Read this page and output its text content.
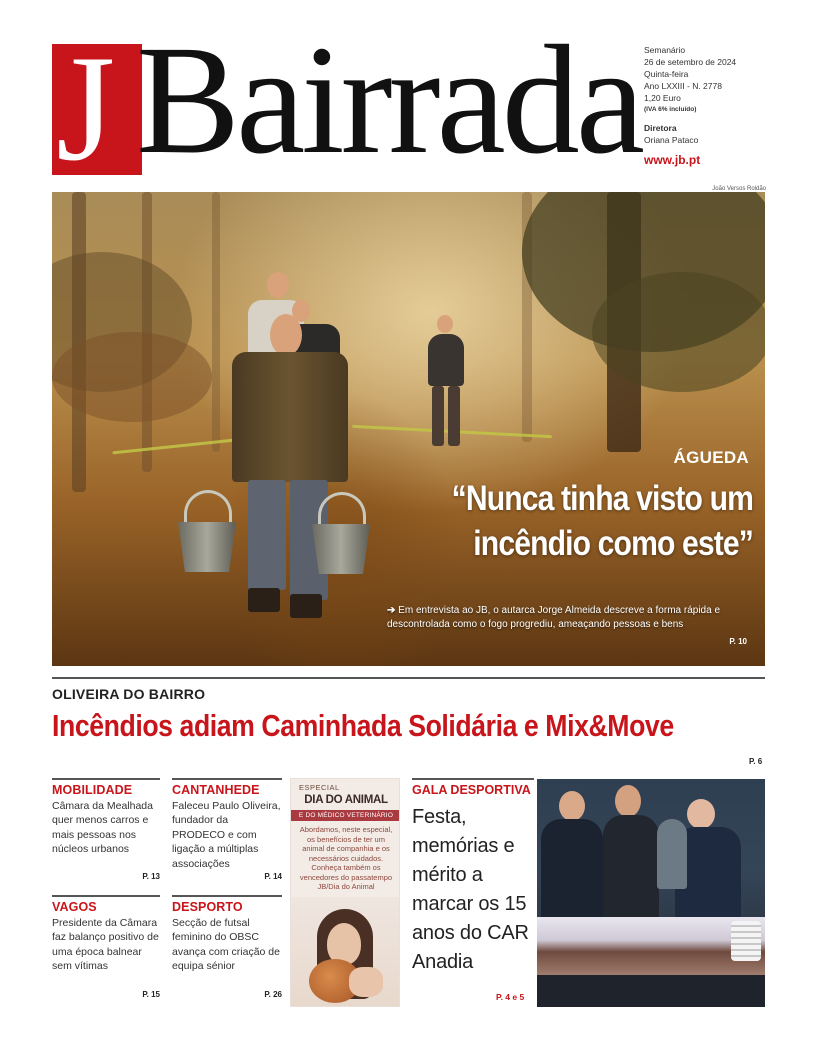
J Bairrada Semanário
26 de setembro de 2024
Quinta-feira
Ano LXXIII - N. 2778
1,20 Euro
(IVA 6% incluído)
Diretora
Oriana Pataco
www.jb.pt
João Versos Roldão
ÁGUEDA
“Nunca tinha visto um incêndio como este”
➔ Em entrevista ao JB, o autarca Jorge Almeida descreve a forma rápida e descontrolada como o fogo progrediu, ameaçando pessoas e bens
P. 10
OLIVEIRA DO BAIRRO
Incêndios adiam Caminhada Solidária e Mix&Move
P. 6
MOBILIDADE
Câmara da Mealhada quer menos carros e mais pessoas nos núcleos urbanos
P. 13
CANTANHEDE
Faleceu Paulo Oliveira, fundador da PRODECO e com ligação a múltiplas associações
P. 14
VAGOS
Presidente da Câmara faz balanço positivo de uma época balnear sem vítimas
P. 15
DESPORTO
Secção de futsal feminino do OBSC avança com criação de equipa sénior
P. 26
ESPECIAL
DIA DO ANIMAL
E DO MÉDICO VETERINÁRIO
Abordamos, neste especial, os benefícios de ter um animal de companhia e os necessários cuidados. Conheça também os vencedores do passatempo JB/Dia do Animal
GALA DESPORTIVA
Festa, memórias e mérito a marcar os 15 anos do CAR Anadia
P. 4 e 5
